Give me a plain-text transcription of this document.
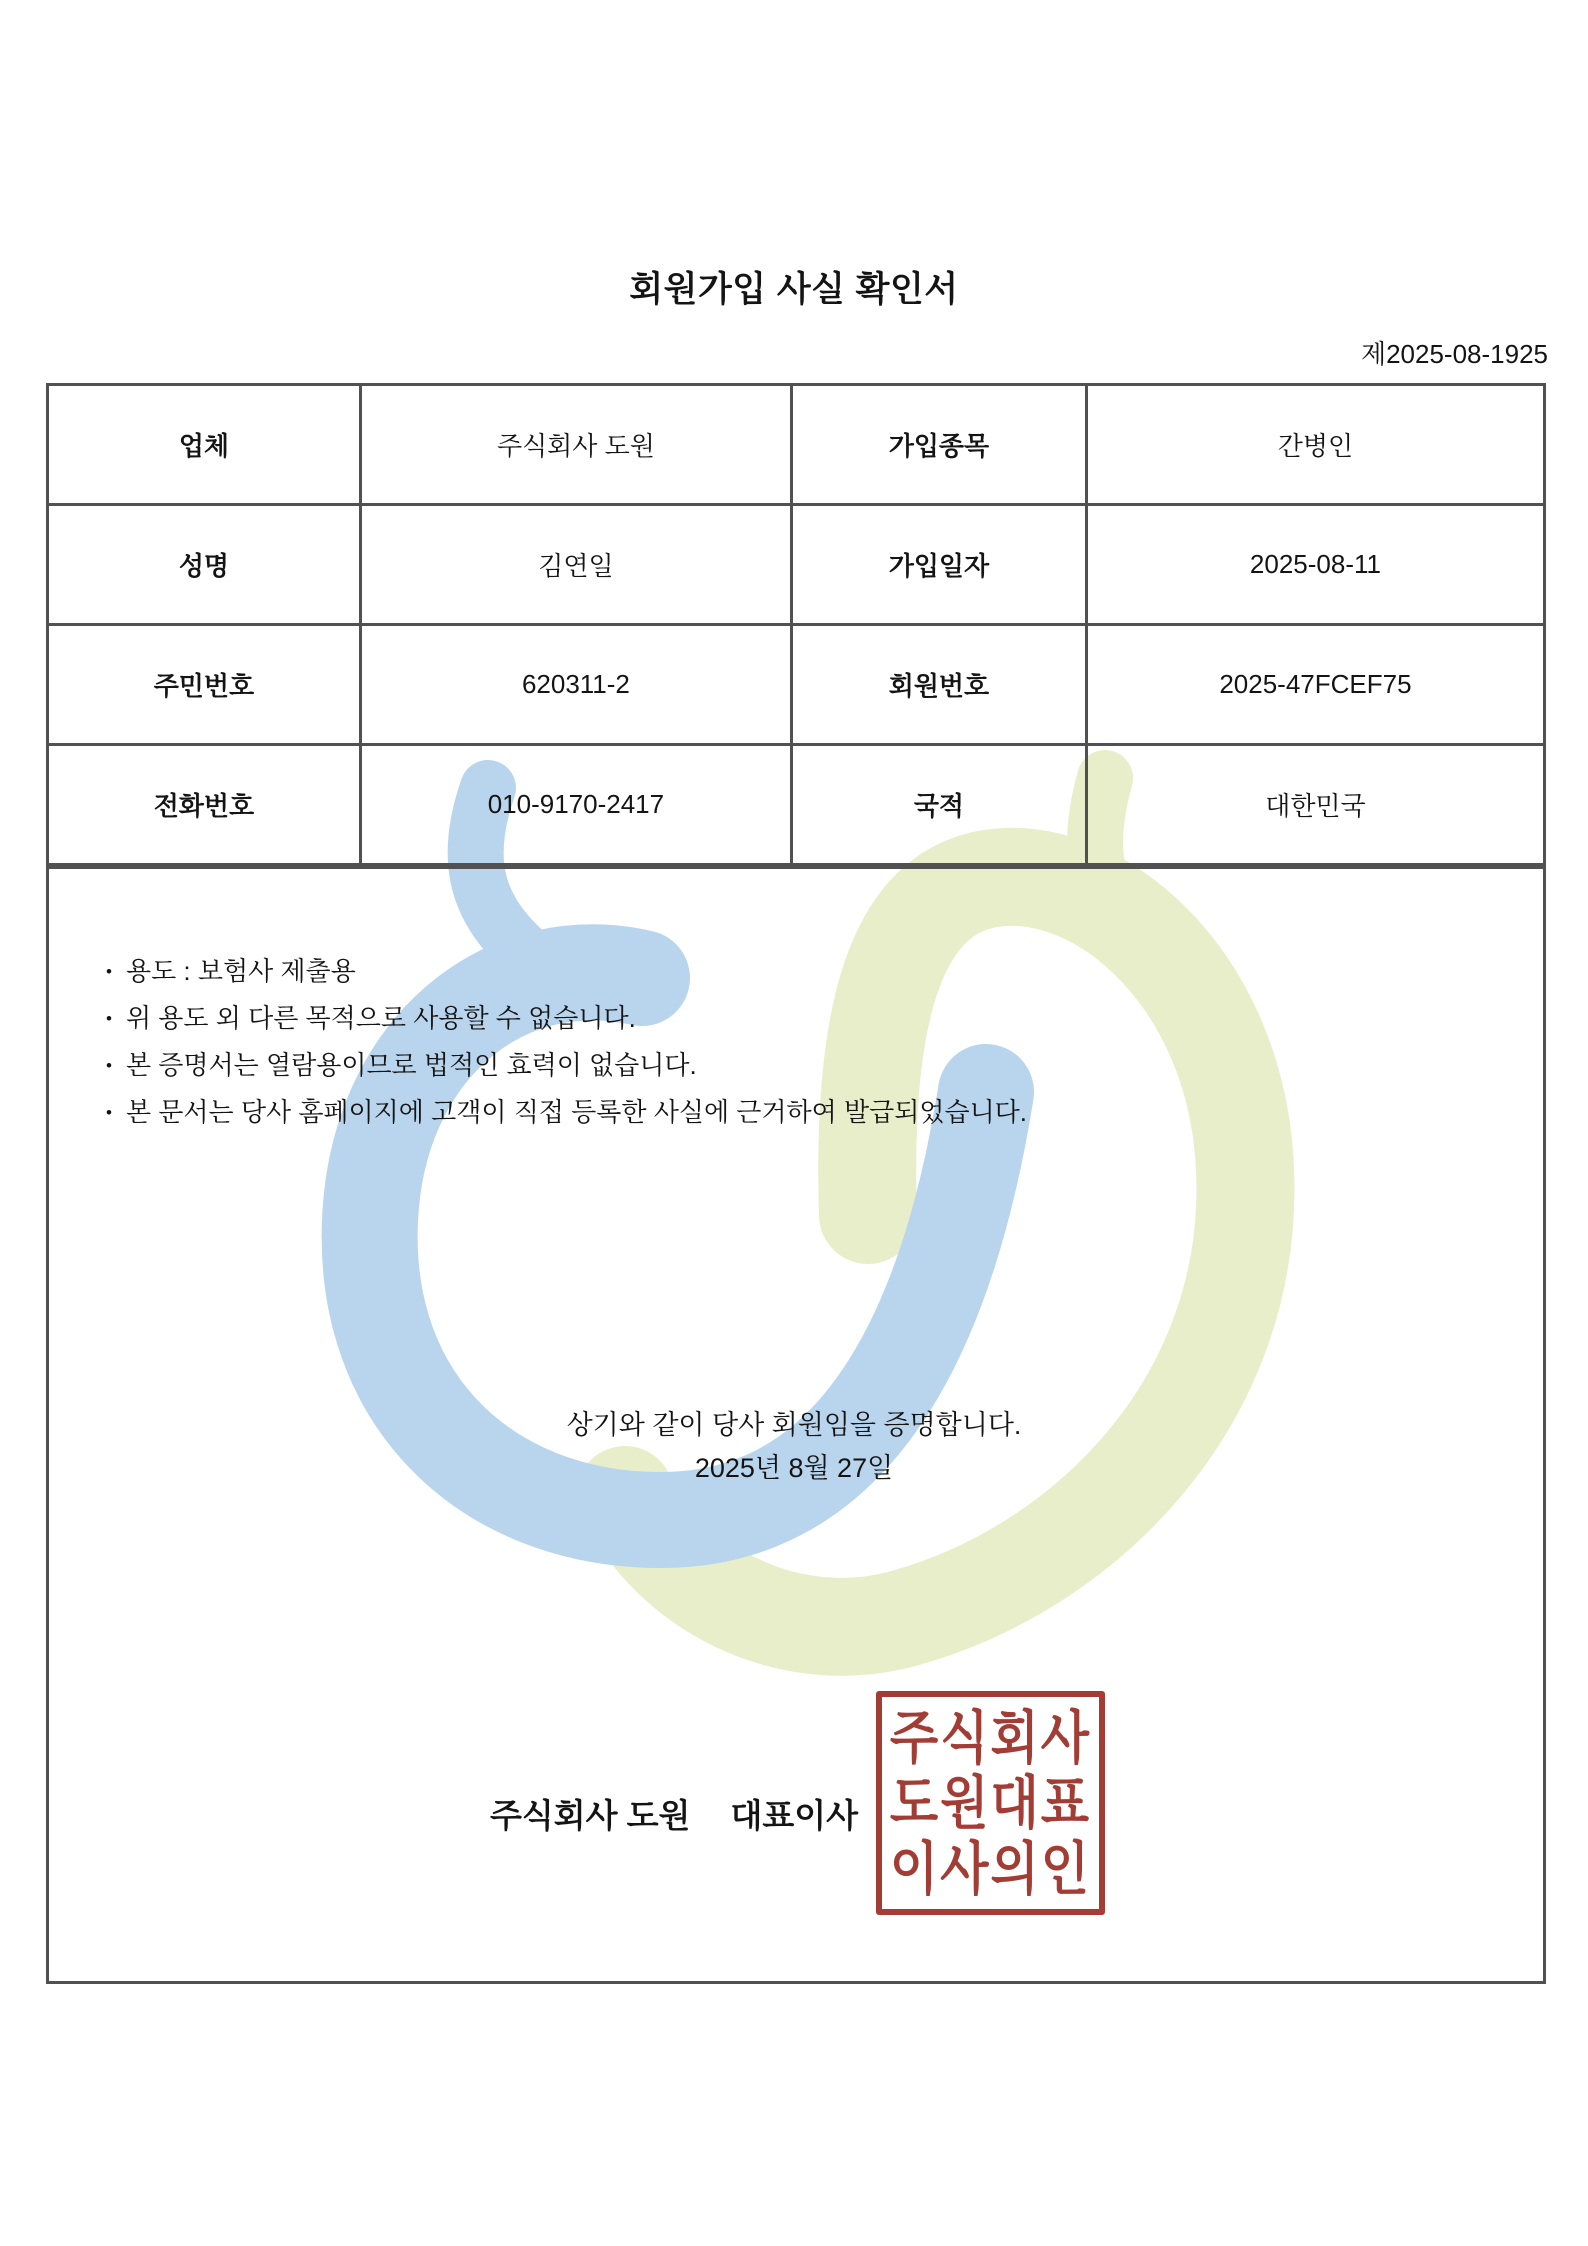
회원가입 사실 확인서
제2025-08-1925
업체	주식회사 도원	가입종목	간병인
성명	김연일	가입일자	2025-08-11
주민번호	620311-2	회원번호	2025-47FCEF75
전화번호	010-9170-2417	국적	대한민국
• 용도 : 보험사 제출용
• 위 용도 외 다른 목적으로 사용할 수 없습니다.
• 본 증명서는 열람용이므로 법적인 효력이 없습니다.
• 본 문서는 당사 홈페이지에 고객이 직접 등록한 사실에 근거하여 발급되었습니다.
상기와 같이 당사 회원임을 증명합니다.
2025년 8월 27일
주식회사 도원 대표이사
주식회사
도원대표
이사의인
